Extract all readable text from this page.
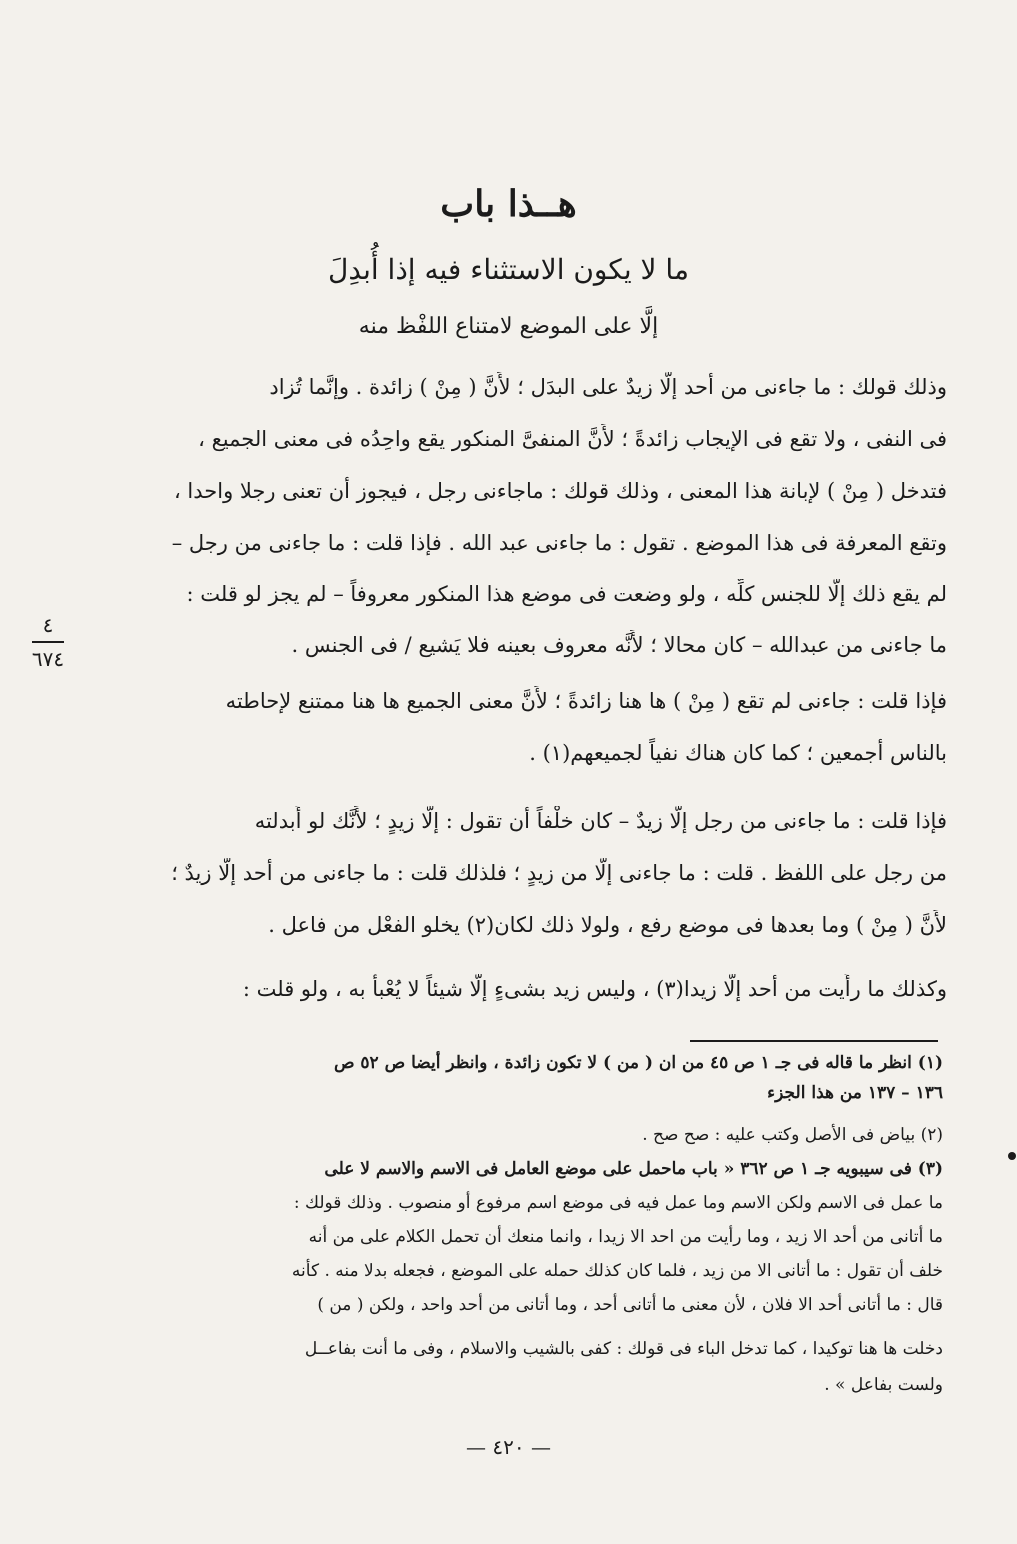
هــذا باب
ما لا يكون الاستثناء فيه إذا أُبدِلَ
إلَّا على الموضع لامتناع اللفْظ منه
وذلك قولك : ما جاءنى من أحد إلَّا زيدٌ على البدَل ؛ لأَنَّ ( مِنْ ) زائدة . وإنَّما تُزاد
فى النفى ، ولا تقع فى الإيجاب زائدةً ؛ لأَنَّ المنفىَّ المنكور يقع واحِدُه فى معنى الجميع ،
فتدخل ( مِنْ ) لإبانة هذا المعنى ، وذلك قولك : ماجاءنى رجل ، فيجوز أن تعنى رجلا واحدا ،
وتقع المعرفة فى هذا الموضع . تقول : ما جاءنى عبد الله . فإذا قلت : ما جاءنى من رجل –
لم يقع ذلك إلَّا للجنس كلِّه ، ولو وضعت فى موضع هذا المنكور معروفاً – لم يجز لو قلت :
ما جاءنى من عبدالله – كان محالا ؛ لأَنَّه معروف بعينه فلا يَشيع / فى الجنس .
فإذا قلت : جاءنى لم تقع ( مِنْ ) ها هنا زائدةً ؛ لأَنَّ معنى الجميع ها هنا ممتنع لإحاطته
بالناس أجمعين ؛ كما كان هناك نفياً لجميعهم(١) .
فإذا قلت : ما جاءنى من رجل إلَّا زيدٌ – كان خلْفاً أن تقول : إلَّا زيدٍ ؛ لأَنَّك لو أَبدلته
من رجل على اللفظ . قلت : ما جاءنى إلَّا من زيدٍ ؛ فلذلك قلت : ما جاءنى من أحد إلَّا زيدٌ ؛
لأَنَّ ( مِنْ ) وما بعدها فى موضع رفع ، ولولا ذلك لكان(٢) يخلو الفعْل من فاعل .
وكذلك ما رأَيت من أحد إلَّا زيدا(٣) ، وليس زيد بشىءٍ إلَّا شيئاً لا يُعْبأُ به ، ولو قلت :
٤
٦٧٤
(١) انظر ما قاله فى جـ ١ ص ٤٥ من ان ( من ) لا تكون زائدة ، وانظر أيضا ص ٥٢ ص
١٣٦ – ١٣٧ من هذا الجزء
(٢) بياض فى الأصل وكتب عليه : صح صح .
(٣) فى سيبويه جـ ١ ص ٣٦٢ « باب ماحمل على موضع العامل فى الاسم والاسم لا على
ما عمل فى الاسم ولكن الاسم وما عمل فيه فى موضع اسم مرفوع أو منصوب . وذلك قولك :
ما أتانى من أحد الا زيد ، وما رأيت من احد الا زيدا ، وانما منعك أن تحمل الكلام على من أنه
خلف أن تقول : ما أتانى الا من زيد ، فلما كان كذلك حمله على الموضع ، فجعله بدلا منه . كأنه
قال : ما أتانى أحد الا فلان ، لأن معنى ما أتانى أحد ، وما أتانى من أحد واحد ، ولكن ( من )
دخلت ها هنا توكيدا ، كما تدخل الباء فى قولك : كفى بالشيب والاسلام ، وفى ما أنت بفاعــل
ولست بفاعل » .
— ٤٢٠ —
